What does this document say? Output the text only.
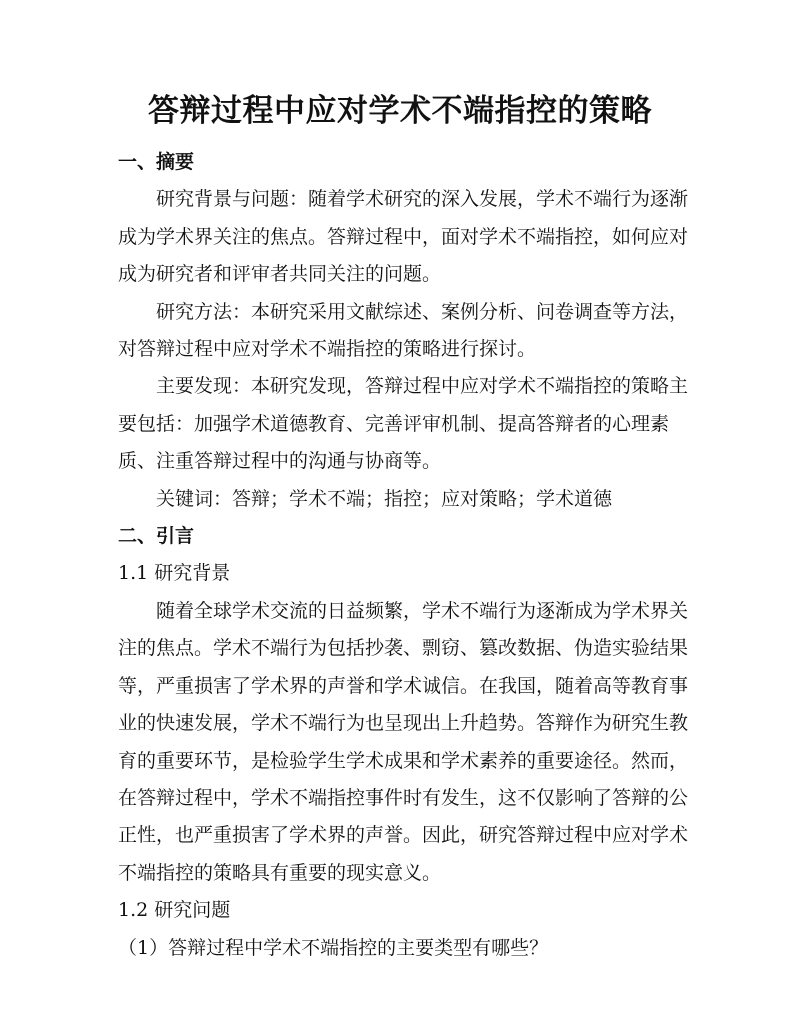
答辩过程中应对学术不端指控的策略

一、摘要

研究背景与问题：随着学术研究的深入发展，学术不端行为逐渐成为学术界关注的焦点。答辩过程中，面对学术不端指控，如何应对成为研究者和评审者共同关注的问题。

研究方法：本研究采用文献综述、案例分析、问卷调查等方法，对答辩过程中应对学术不端指控的策略进行探讨。

主要发现：本研究发现，答辩过程中应对学术不端指控的策略主要包括：加强学术道德教育、完善评审机制、提高答辩者的心理素质、注重答辩过程中的沟通与协商等。

关键词：答辩；学术不端；指控；应对策略；学术道德

二、引言

1.1 研究背景

随着全球学术交流的日益频繁，学术不端行为逐渐成为学术界关注的焦点。学术不端行为包括抄袭、剽窃、篡改数据、伪造实验结果等，严重损害了学术界的声誉和学术诚信。在我国，随着高等教育事业的快速发展，学术不端行为也呈现出上升趋势。答辩作为研究生教育的重要环节，是检验学生学术成果和学术素养的重要途径。然而，在答辩过程中，学术不端指控事件时有发生，这不仅影响了答辩的公正性，也严重损害了学术界的声誉。因此，研究答辩过程中应对学术不端指控的策略具有重要的现实意义。

1.2 研究问题

（1）答辩过程中学术不端指控的主要类型有哪些？
